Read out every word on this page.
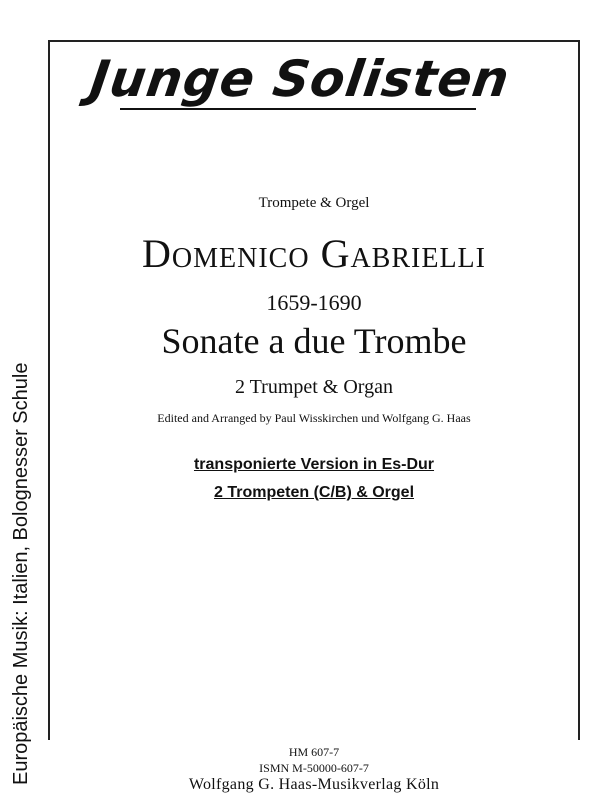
Junge Solisten
Europäische Musik: Italien, Bolognesser Schule
Trompete & Orgel
Domenico Gabrielli
1659-1690
Sonate a due Trombe
2 Trumpet & Organ
Edited and Arranged by Paul Wisskirchen und Wolfgang G. Haas
transponierte Version in Es-Dur
2 Trompeten (C/B) & Orgel
HM 607-7
ISMN M-50000-607-7
Wolfgang G. Haas-Musikverlag Köln
